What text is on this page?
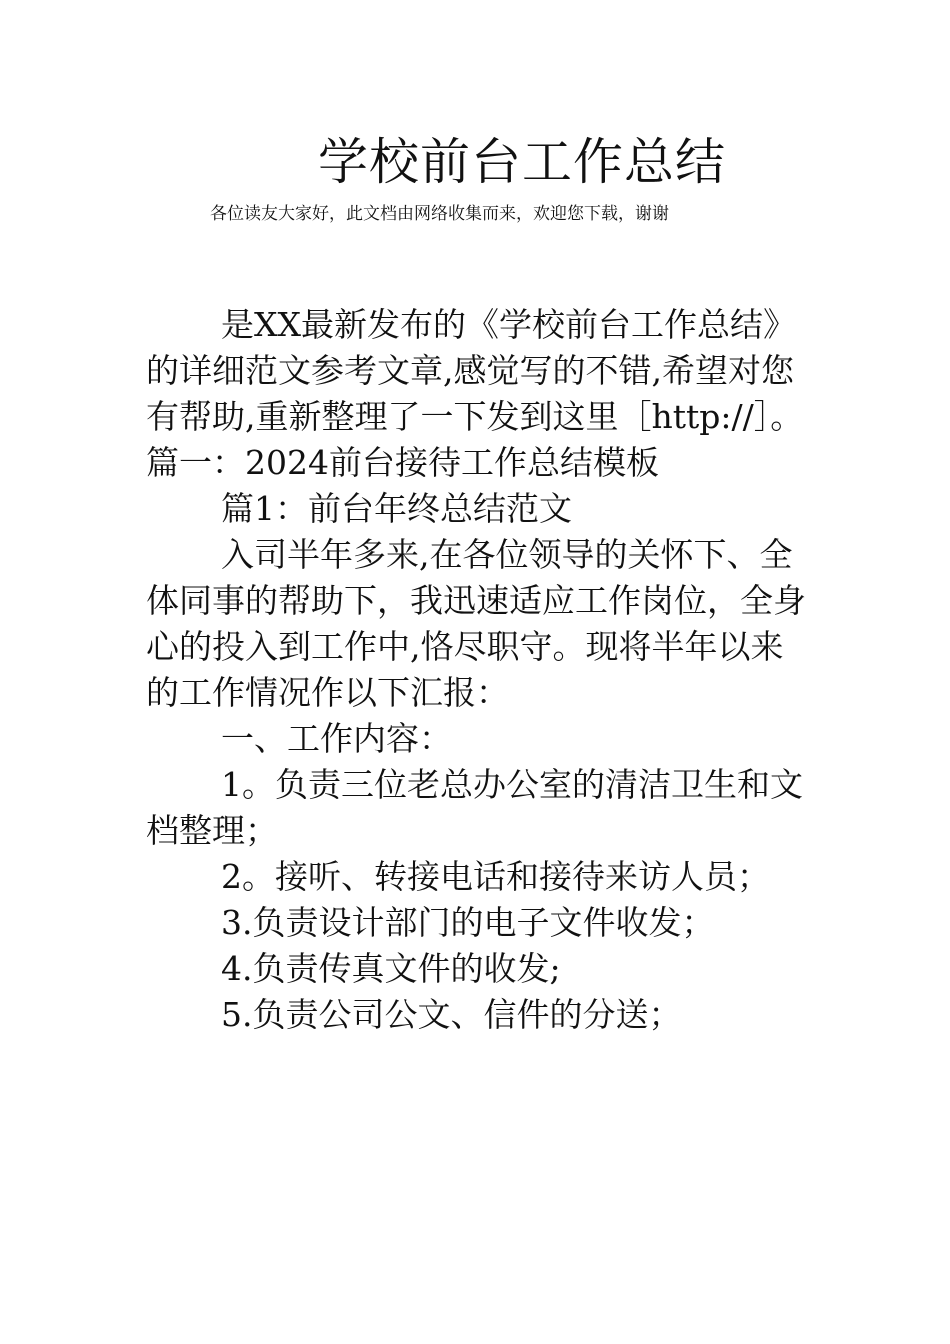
学校前台工作总结
各位读友大家好，此文档由网络收集而来，欢迎您下载，谢谢

是XX最新发布的《学校前台工作总结》的详细范文参考文章,感觉写的不错,希望对您有帮助,重新整理了一下发到这里［http://］。篇一：2024前台接待工作总结模板

篇1：前台年终总结范文

入司半年多来,在各位领导的关怀下、全体同事的帮助下，我迅速适应工作岗位，全身心的投入到工作中,恪尽职守。现将半年以来的工作情况作以下汇报：

一、工作内容：

1。负责三位老总办公室的清洁卫生和文档整理；

2。接听、转接电话和接待来访人员；

3.负责设计部门的电子文件收发；

4.负责传真文件的收发;

5.负责公司公文、信件的分送；
